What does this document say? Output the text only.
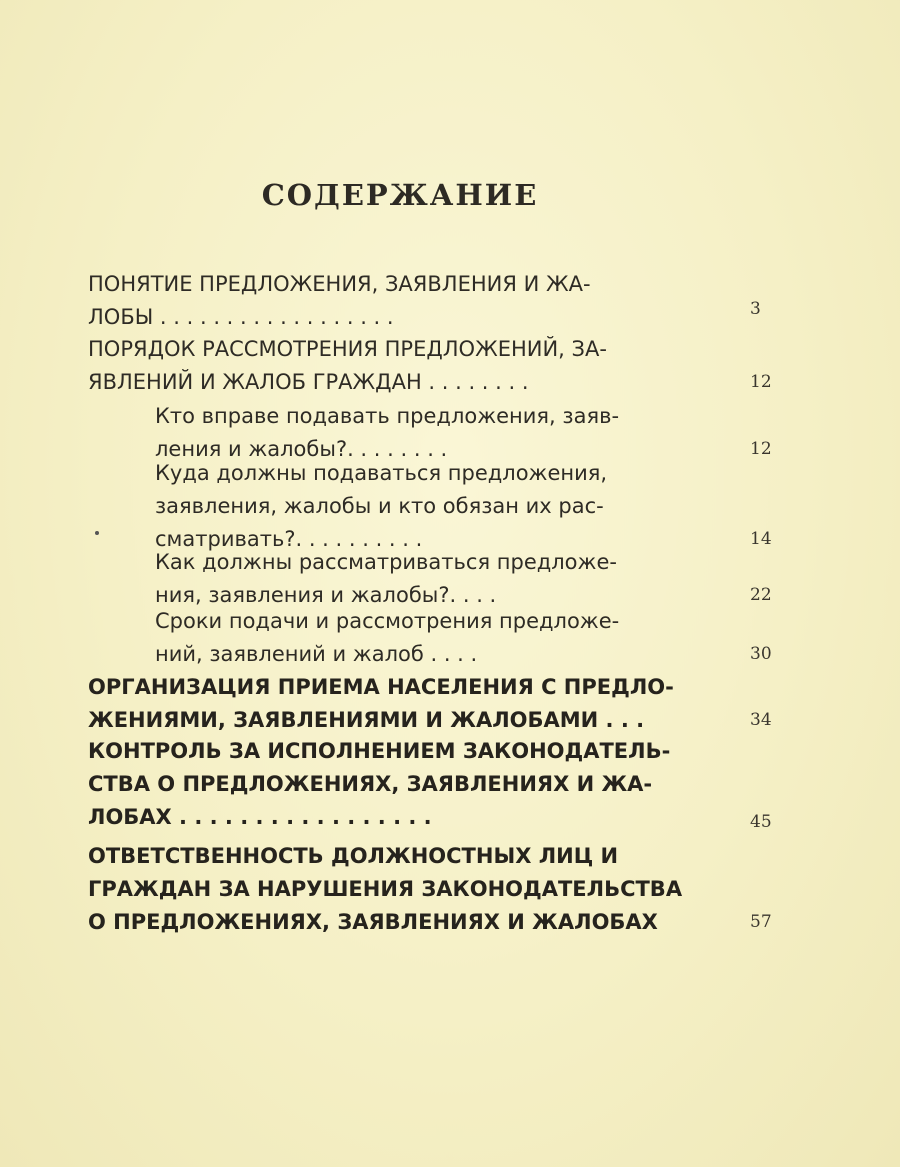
СОДЕРЖАНИЕ
ПОНЯТИЕ ПРЕДЛОЖЕНИЯ, ЗАЯВЛЕНИЯ И ЖА-
ЛОБЫ . . . . . . . . . . . . . . . . . .	3
ПОРЯДОК РАССМОТРЕНИЯ ПРЕДЛОЖЕНИЙ, ЗА-
ЯВЛЕНИЙ И ЖАЛОБ ГРАЖДАН . . . . . . . .	12
Кто вправе подавать предложения, заяв-
ления и жалобы?. . . . . . . .	12
Куда должны подаваться предложения,
заявления, жалобы и кто обязан их рас-
сматривать?. . . . . . . . . .	14
Как должны рассматриваться предложе-
ния, заявления и жалобы?. . . .	22
Сроки подачи и рассмотрения предложе-
ний, заявлений и жалоб . . . .	30
ОРГАНИЗАЦИЯ ПРИЕМА НАСЕЛЕНИЯ С ПРЕДЛО-
ЖЕНИЯМИ, ЗАЯВЛЕНИЯМИ И ЖАЛОБАМИ . . .	34
КОНТРОЛЬ ЗА ИСПОЛНЕНИЕМ ЗАКОНОДАТЕЛЬ-
СТВА О ПРЕДЛОЖЕНИЯХ, ЗАЯВЛЕНИЯХ И ЖА-
ЛОБАХ . . . . . . . . . . . . . . . . .	45
ОТВЕТСТВЕННОСТЬ ДОЛЖНОСТНЫХ ЛИЦ И
ГРАЖДАН ЗА НАРУШЕНИЯ ЗАКОНОДАТЕЛЬСТВА
О ПРЕДЛОЖЕНИЯХ, ЗАЯВЛЕНИЯХ И ЖАЛОБАХ	57
